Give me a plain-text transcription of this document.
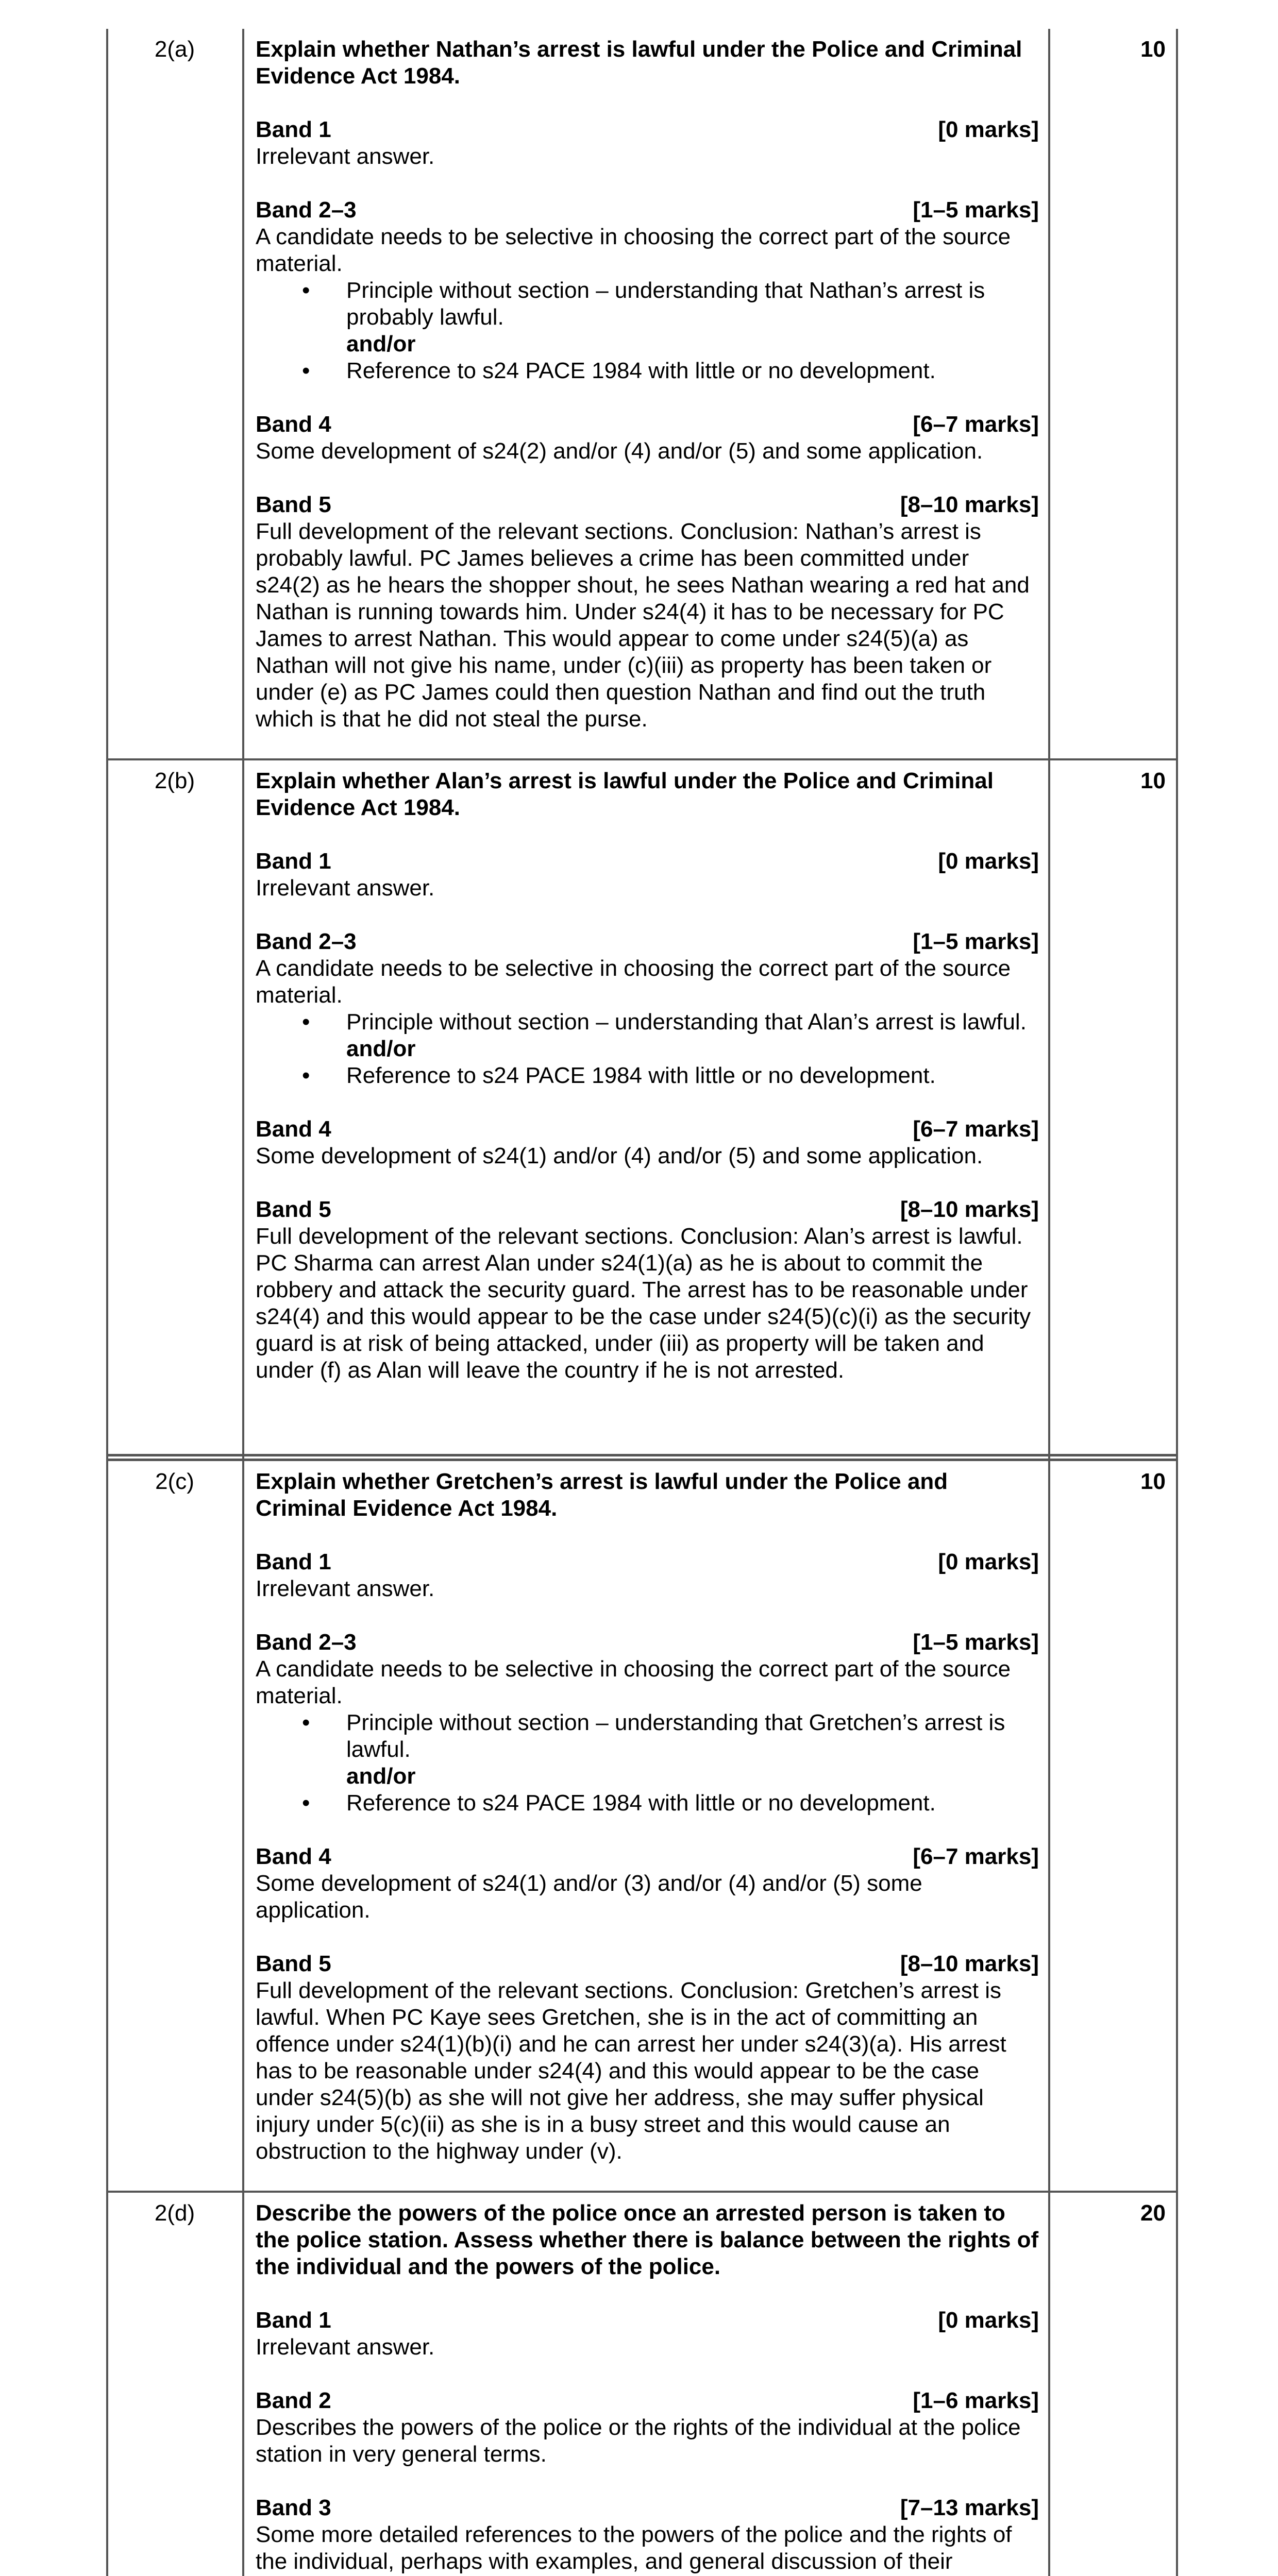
2(a)	Explain whether Nathan’s arrest is lawful under the Police and Criminal Evidence Act 1984.

Band 1	[0 marks]

Irrelevant answer.

Band 2–3	[1–5 marks]

A candidate needs to be selective in choosing the correct part of the source material.

• Principle without section – understanding that Nathan’s arrest is probably lawful.
and/or
• Reference to s24 PACE 1984 with little or no development.
Band 4	[6–7 marks]

Some development of s24(2) and/or (4) and/or (5) and some application.

Band 5	[8–10 marks]

Full development of the relevant sections. Conclusion: Nathan’s arrest is probably lawful. PC James believes a crime has been committed under s24(2) as he hears the shopper shout, he sees Nathan wearing a red hat and Nathan is running towards him. Under s24(4) it has to be necessary for PC James to arrest Nathan. This would appear to come under s24(5)(a) as Nathan will not give his name, under (c)(iii) as property has been taken or under (e) as PC James could then question Nathan and find out the truth which is that he did not steal the purse.

10
2(b)	Explain whether Alan’s arrest is lawful under the Police and Criminal Evidence Act 1984.

Band 1	[0 marks]

Irrelevant answer.

Band 2–3	[1–5 marks]

A candidate needs to be selective in choosing the correct part of the source material.

• Principle without section – understanding that Alan’s arrest is lawful.
and/or
• Reference to s24 PACE 1984 with little or no development.
Band 4	[6–7 marks]

Some development of s24(1) and/or (4) and/or (5) and some application.

Band 5	[8–10 marks]

Full development of the relevant sections. Conclusion: Alan’s arrest is lawful. PC Sharma can arrest Alan under s24(1)(a) as he is about to commit the robbery and attack the security guard. The arrest has to be reasonable under s24(4) and this would appear to be the case under s24(5)(c)(i) as the security guard is at risk of being attacked, under (iii) as property will be taken and under (f) as Alan will leave the country if he is not arrested.

10
2(c)	Explain whether Gretchen’s arrest is lawful under the Police and Criminal Evidence Act 1984.

Band 1	[0 marks]

Irrelevant answer.

Band 2–3	[1–5 marks]

A candidate needs to be selective in choosing the correct part of the source material.

• Principle without section – understanding that Gretchen’s arrest is lawful.
and/or
• Reference to s24 PACE 1984 with little or no development.
Band 4	[6–7 marks]

Some development of s24(1) and/or (3) and/or (4) and/or (5) some application.

Band 5	[8–10 marks]

Full development of the relevant sections. Conclusion: Gretchen’s arrest is lawful. When PC Kaye sees Gretchen, she is in the act of committing an offence under s24(1)(b)(i) and he can arrest her under s24(3)(a). His arrest has to be reasonable under s24(4) and this would appear to be the case under s24(5)(b) as she will not give her address, she may suffer physical injury under 5(c)(ii) as she is in a busy street and this would cause an obstruction to the highway under (v).

10
2(d)	Describe the powers of the police once an arrested person is taken to the police station. Assess whether there is balance between the rights of the individual and the powers of the police.

Band 1	[0 marks]

Irrelevant answer.

Band 2	[1–6 marks]

Describes the powers of the police or the rights of the individual at the police station in very general terms.

Band 3	[7–13 marks]

Some more detailed references to the powers of the police and the rights of the individual, perhaps with examples, and general discussion of their

20
